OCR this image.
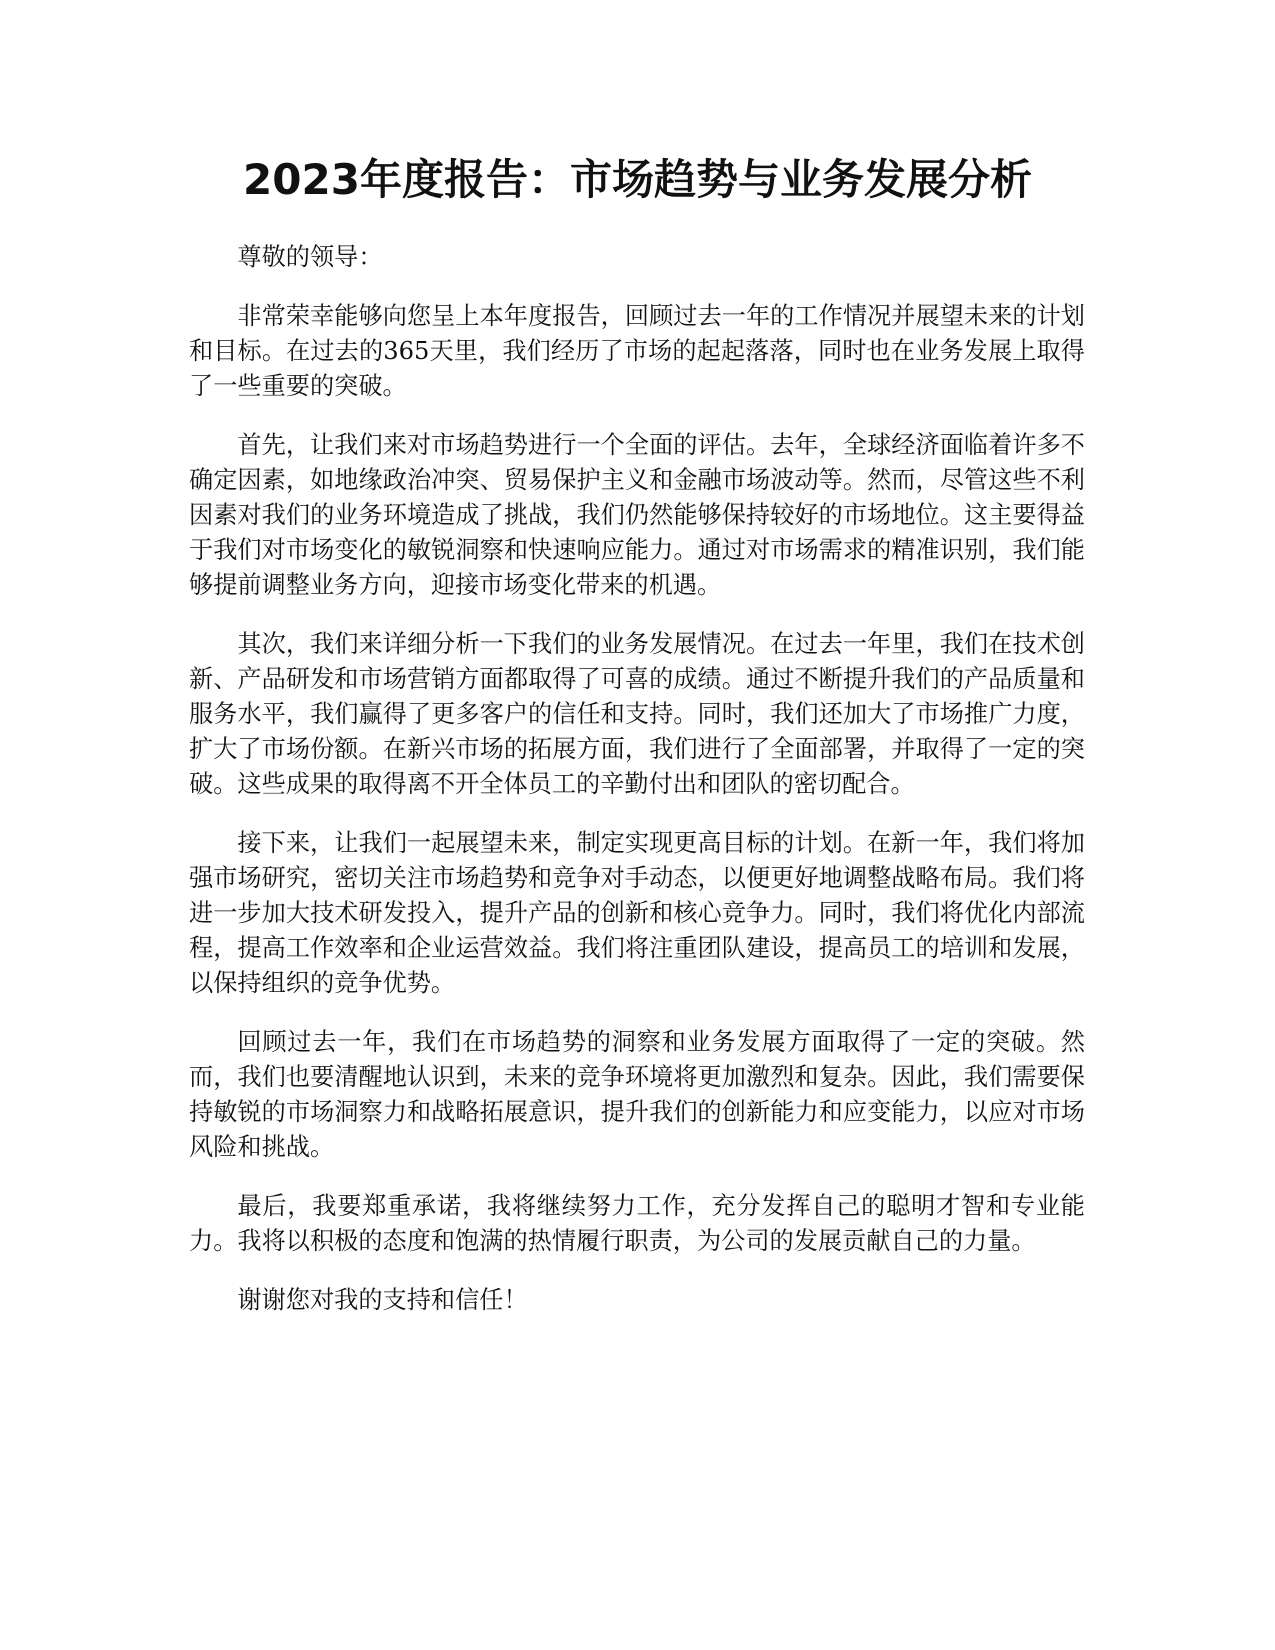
2023年度报告：市场趋势与业务发展分析

尊敬的领导：

非常荣幸能够向您呈上本年度报告，回顾过去一年的工作情况并展望未来的计划和目标。在过去的365天里，我们经历了市场的起起落落，同时也在业务发展上取得了一些重要的突破。

首先，让我们来对市场趋势进行一个全面的评估。去年，全球经济面临着许多不确定因素，如地缘政治冲突、贸易保护主义和金融市场波动等。然而，尽管这些不利因素对我们的业务环境造成了挑战，我们仍然能够保持较好的市场地位。这主要得益于我们对市场变化的敏锐洞察和快速响应能力。通过对市场需求的精准识别，我们能够提前调整业务方向，迎接市场变化带来的机遇。

其次，我们来详细分析一下我们的业务发展情况。在过去一年里，我们在技术创新、产品研发和市场营销方面都取得了可喜的成绩。通过不断提升我们的产品质量和服务水平，我们赢得了更多客户的信任和支持。同时，我们还加大了市场推广力度，扩大了市场份额。在新兴市场的拓展方面，我们进行了全面部署，并取得了一定的突破。这些成果的取得离不开全体员工的辛勤付出和团队的密切配合。

接下来，让我们一起展望未来，制定实现更高目标的计划。在新一年，我们将加强市场研究，密切关注市场趋势和竞争对手动态，以便更好地调整战略布局。我们将进一步加大技术研发投入，提升产品的创新和核心竞争力。同时，我们将优化内部流程，提高工作效率和企业运营效益。我们将注重团队建设，提高员工的培训和发展，以保持组织的竞争优势。

回顾过去一年，我们在市场趋势的洞察和业务发展方面取得了一定的突破。然而，我们也要清醒地认识到，未来的竞争环境将更加激烈和复杂。因此，我们需要保持敏锐的市场洞察力和战略拓展意识，提升我们的创新能力和应变能力，以应对市场风险和挑战。

最后，我要郑重承诺，我将继续努力工作，充分发挥自己的聪明才智和专业能力。我将以积极的态度和饱满的热情履行职责，为公司的发展贡献自己的力量。

谢谢您对我的支持和信任！
